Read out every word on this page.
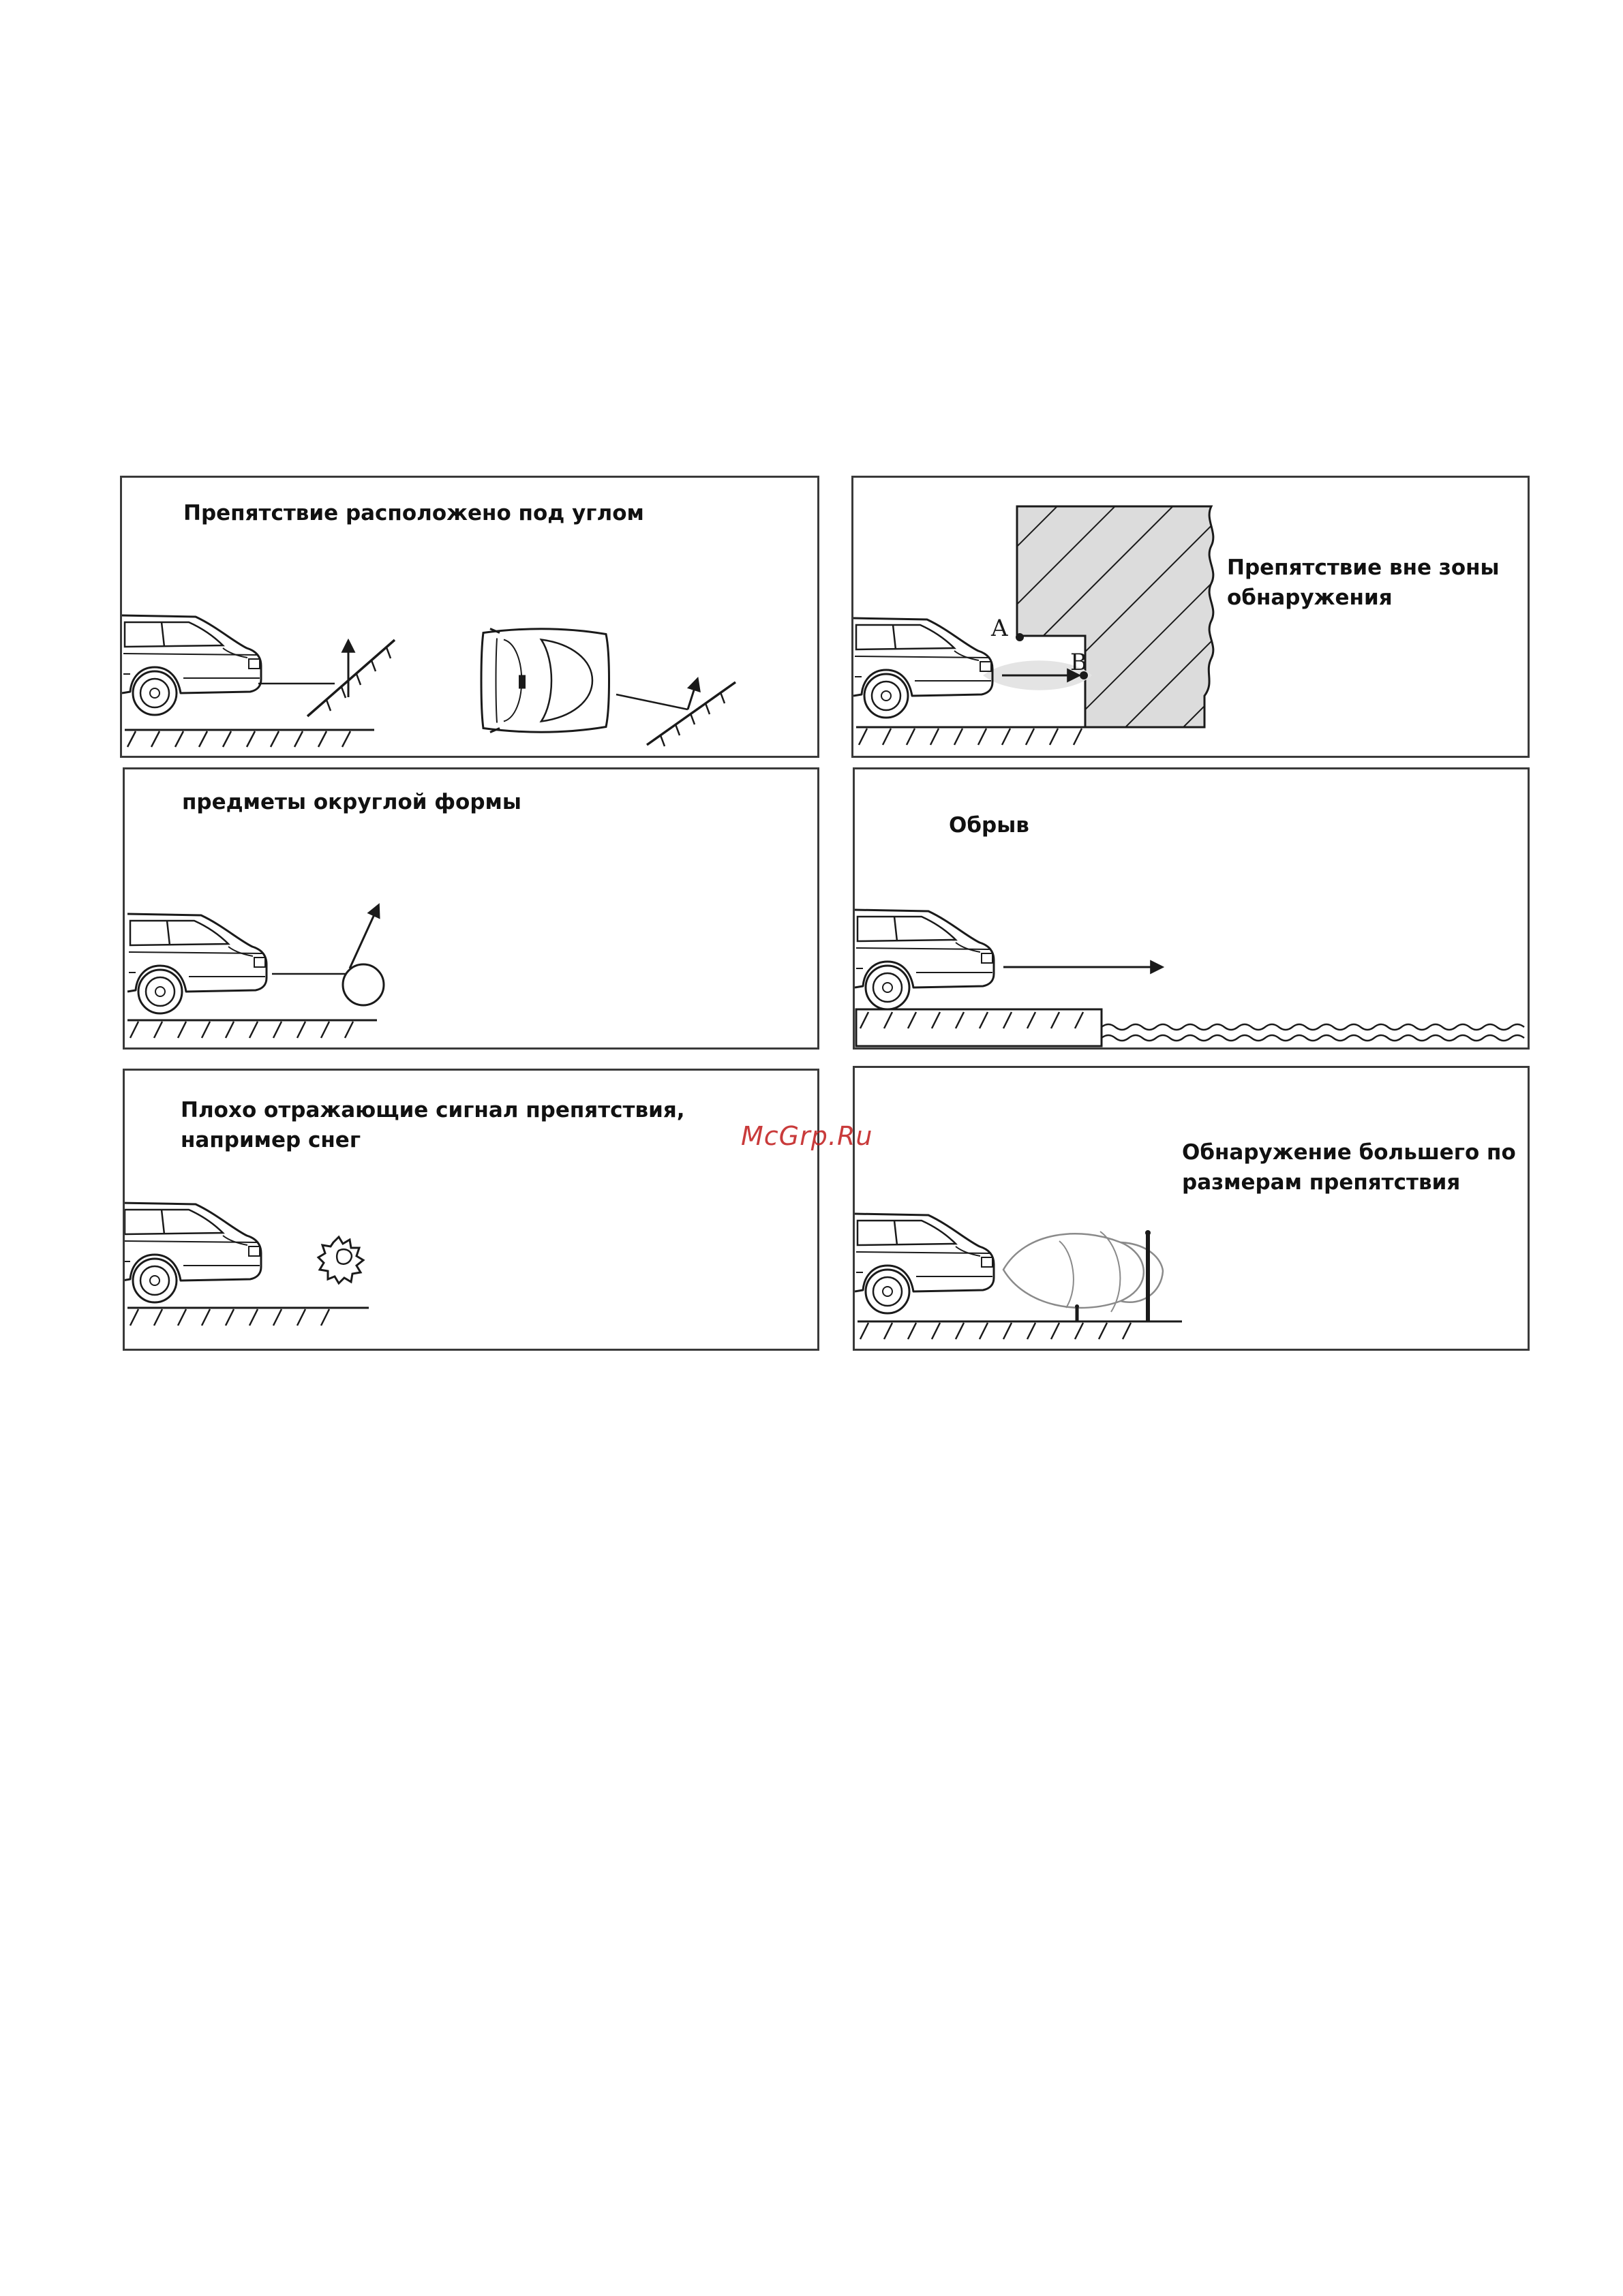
Препятствие расположено под углом

Препятствие вне зоны
обнаружения

A
B

предметы округлой формы

Обрыв

Плохо отражающие сигнал препятствия,
например снег	Обнаружение большего по
размерам препятствия

McGrp.Ru
